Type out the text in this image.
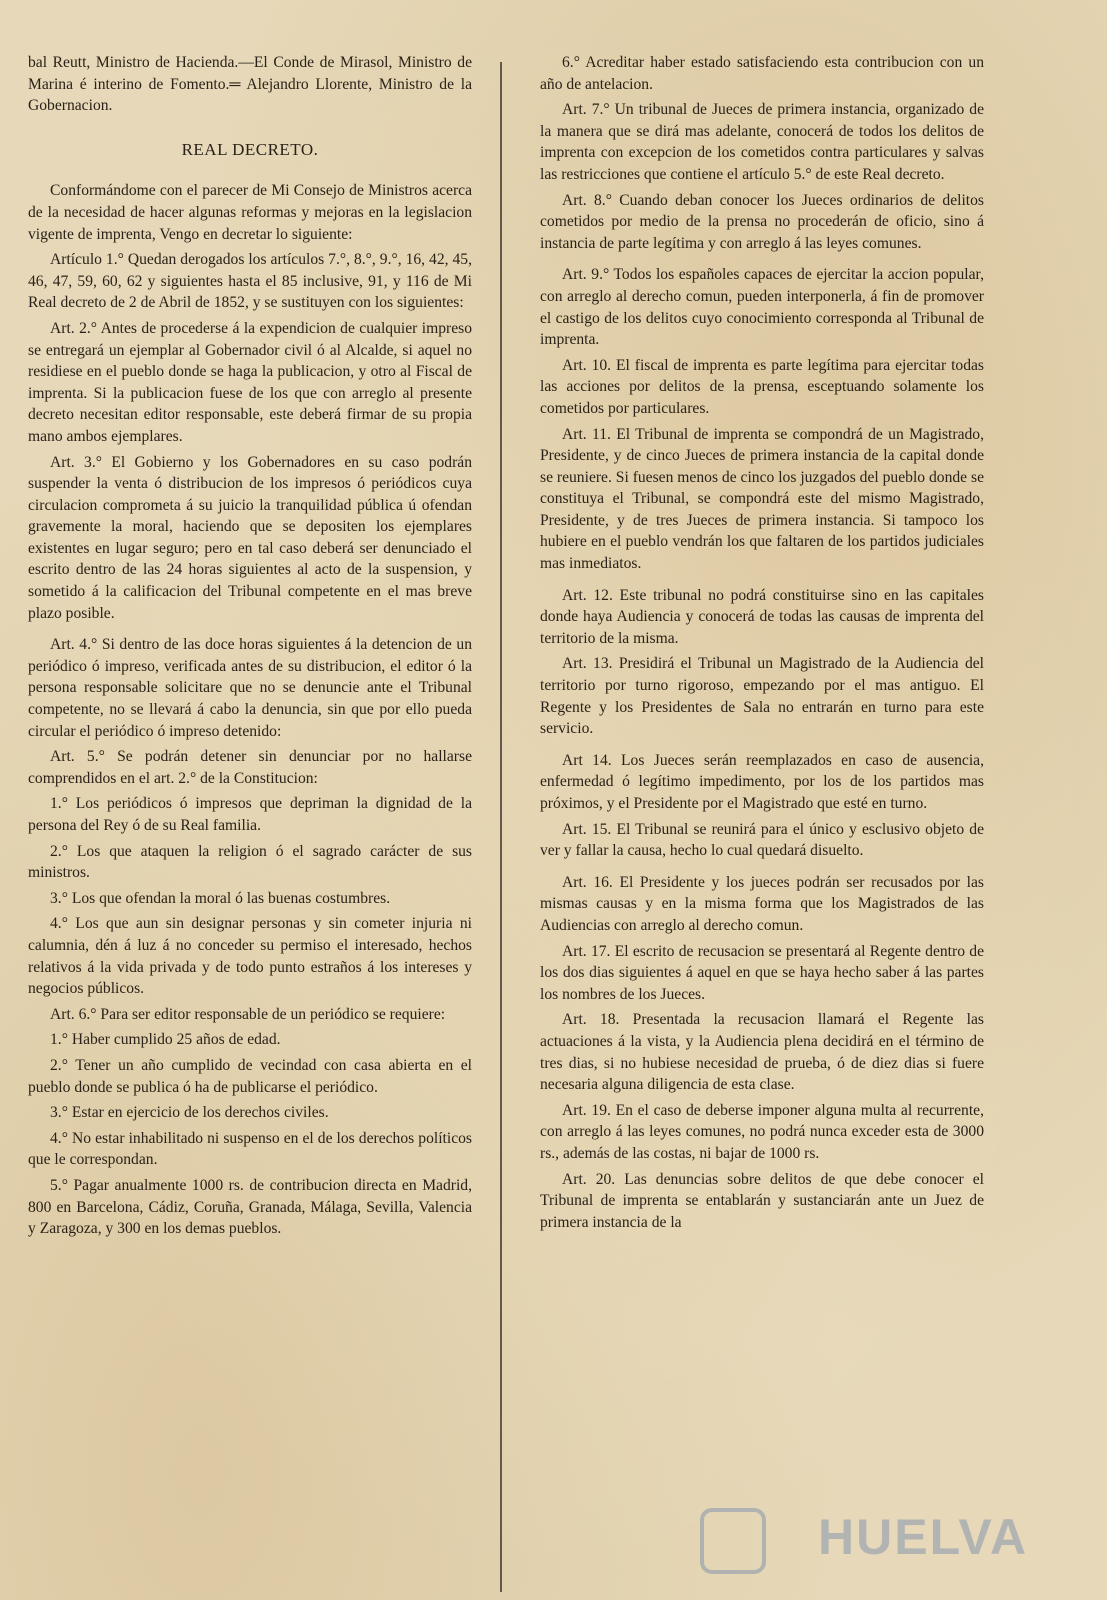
bal Reutt, Ministro de Hacienda.—El Conde de Mirasol, Ministro de Marina é interino de Fomento.═ Alejandro Llorente, Ministro de la Gobernacion.

REAL DECRETO.

Conformándome con el parecer de Mi Consejo de Ministros acerca de la necesidad de hacer algunas reformas y mejoras en la legislacion vigente de imprenta, Vengo en decretar lo siguiente:

Artículo 1.° Quedan derogados los artículos 7.°, 8.°, 9.°, 16, 42, 45, 46, 47, 59, 60, 62 y siguientes hasta el 85 inclusive, 91, y 116 de Mi Real decreto de 2 de Abril de 1852, y se sustituyen con los siguientes:

Art. 2.° Antes de procederse á la expendicion de cualquier impreso se entregará un ejemplar al Gobernador civil ó al Alcalde, si aquel no residiese en el pueblo donde se haga la publicacion, y otro al Fiscal de imprenta. Si la publicacion fuese de los que con arreglo al presente decreto necesitan editor responsable, este deberá firmar de su propia mano ambos ejemplares.

Art. 3.° El Gobierno y los Gobernadores en su caso podrán suspender la venta ó distribucion de los impresos ó periódicos cuya circulacion comprometa á su juicio la tranquilidad pública ú ofendan gravemente la moral, haciendo que se depositen los ejemplares existentes en lugar seguro; pero en tal caso deberá ser denunciado el escrito dentro de las 24 horas siguientes al acto de la suspension, y sometido á la calificacion del Tribunal competente en el mas breve plazo posible.

Art. 4.° Si dentro de las doce horas siguientes á la detencion de un periódico ó impreso, verificada antes de su distribucion, el editor ó la persona responsable solicitare que no se denuncie ante el Tribunal competente, no se llevará á cabo la denuncia, sin que por ello pueda circular el periódico ó impreso detenido:

Art. 5.° Se podrán detener sin denunciar por no hallarse comprendidos en el art. 2.° de la Constitucion:

1.° Los periódicos ó impresos que depriman la dignidad de la persona del Rey ó de su Real familia.

2.° Los que ataquen la religion ó el sagrado carácter de sus ministros.

3.° Los que ofendan la moral ó las buenas costumbres.

4.° Los que aun sin designar personas y sin cometer injuria ni calumnia, dén á luz á no conceder su permiso el interesado, hechos relativos á la vida privada y de todo punto estraños á los intereses y negocios públicos.

Art. 6.° Para ser editor responsable de un periódico se requiere:

1.° Haber cumplido 25 años de edad.

2.° Tener un año cumplido de vecindad con casa abierta en el pueblo donde se publica ó ha de publicarse el periódico.

3.° Estar en ejercicio de los derechos civiles.

4.° No estar inhabilitado ni suspenso en el de los derechos políticos que le correspondan.

5.° Pagar anualmente 1000 rs. de contribucion directa en Madrid, 800 en Barcelona, Cádiz, Coruña, Granada, Málaga, Sevilla, Valencia y Zaragoza, y 300 en los demas pueblos.

6.° Acreditar haber estado satisfaciendo esta contribucion con un año de antelacion.

Art. 7.° Un tribunal de Jueces de primera instancia, organizado de la manera que se dirá mas adelante, conocerá de todos los delitos de imprenta con excepcion de los cometidos contra particulares y salvas las restricciones que contiene el artículo 5.° de este Real decreto.

Art. 8.° Cuando deban conocer los Jueces ordinarios de delitos cometidos por medio de la prensa no procederán de oficio, sino á instancia de parte legítima y con arreglo á las leyes comunes.

Art. 9.° Todos los españoles capaces de ejercitar la accion popular, con arreglo al derecho comun, pueden interponerla, á fin de promover el castigo de los delitos cuyo conocimiento corresponda al Tribunal de imprenta.

Art. 10. El fiscal de imprenta es parte legítima para ejercitar todas las acciones por delitos de la prensa, esceptuando solamente los cometidos por particulares.

Art. 11. El Tribunal de imprenta se compondrá de un Magistrado, Presidente, y de cinco Jueces de primera instancia de la capital donde se reuniere. Si fuesen menos de cinco los juzgados del pueblo donde se constituya el Tribunal, se compondrá este del mismo Magistrado, Presidente, y de tres Jueces de primera instancia. Si tampoco los hubiere en el pueblo vendrán los que faltaren de los partidos judiciales mas inmediatos.

Art. 12. Este tribunal no podrá constituirse sino en las capitales donde haya Audiencia y conocerá de todas las causas de imprenta del territorio de la misma.

Art. 13. Presidirá el Tribunal un Magistrado de la Audiencia del territorio por turno rigoroso, empezando por el mas antiguo. El Regente y los Presidentes de Sala no entrarán en turno para este servicio.

Art 14. Los Jueces serán reemplazados en caso de ausencia, enfermedad ó legítimo impedimento, por los de los partidos mas próximos, y el Presidente por el Magistrado que esté en turno.

Art. 15. El Tribunal se reunirá para el único y esclusivo objeto de ver y fallar la causa, hecho lo cual quedará disuelto.

Art. 16. El Presidente y los jueces podrán ser recusados por las mismas causas y en la misma forma que los Magistrados de las Audiencias con arreglo al derecho comun.

Art. 17. El escrito de recusacion se presentará al Regente dentro de los dos dias siguientes á aquel en que se haya hecho saber á las partes los nombres de los Jueces.

Art. 18. Presentada la recusacion llamará el Regente las actuaciones á la vista, y la Audiencia plena decidirá en el término de tres dias, si no hubiese necesidad de prueba, ó de diez dias si fuere necesaria alguna diligencia de esta clase.

Art. 19. En el caso de deberse imponer alguna multa al recurrente, con arreglo á las leyes comunes, no podrá nunca exceder esta de 3000 rs., además de las costas, ni bajar de 1000 rs.

Art. 20. Las denuncias sobre delitos de que debe conocer el Tribunal de imprenta se entablarán y sustanciarán ante un Juez de primera instancia de la

HUELVA
